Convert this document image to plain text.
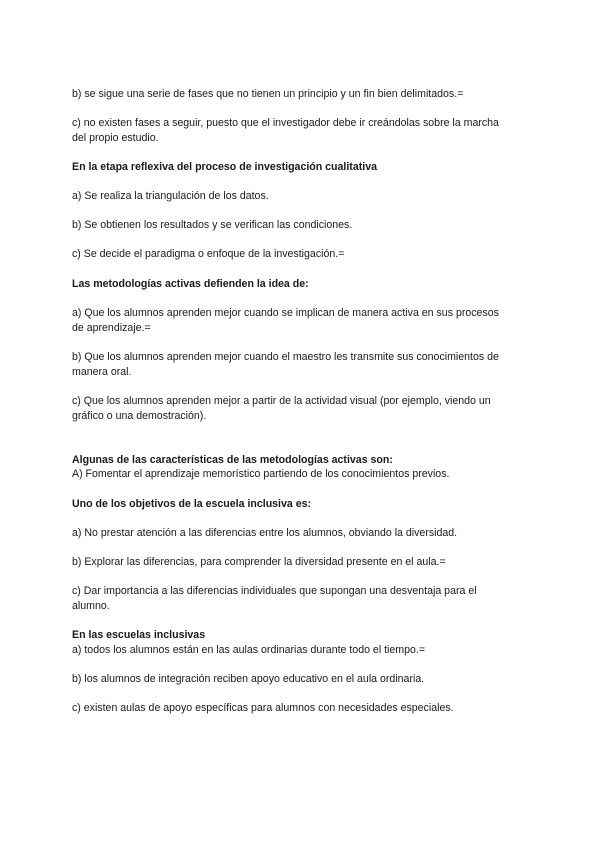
b) se sigue una serie de fases que no tienen un principio y un fin bien delimitados.=
c) no existen fases a seguir, puesto que el investigador debe ir creándolas sobre la marcha
del propio estudio.
En la etapa reflexiva del proceso de investigación cualitativa
a) Se realiza la triangulación de los datos.
b) Se obtienen los resultados y se verifican las condiciones.
c) Se decide el paradigma o enfoque de la investigación.=
Las metodologías activas defienden la idea de:
a) Que los alumnos aprenden mejor cuando se implican de manera activa en sus procesos
de aprendizaje.=
b) Que los alumnos aprenden mejor cuando el maestro les transmite sus conocimientos de
manera oral.
c) Que los alumnos aprenden mejor a partir de la actividad visual (por ejemplo, viendo un
gráfico o una demostración).
Algunas de las características de las metodologías activas son:
A) Fomentar el aprendizaje memorístico partiendo de los conocimientos previos.
Uno de los objetivos de la escuela inclusiva es:
a) No prestar atención a las diferencias entre los alumnos, obviando la diversidad.
b) Explorar las diferencias, para comprender la diversidad presente en el aula.=
c) Dar importancia a las diferencias individuales que supongan una desventaja para el
alumno.
En las escuelas inclusivas
a) todos los alumnos están en las aulas ordinarias durante todo el tiempo.=
b) los alumnos de integración reciben apoyo educativo en el aula ordinaria.
c) existen aulas de apoyo específicas para alumnos con necesidades especiales.
